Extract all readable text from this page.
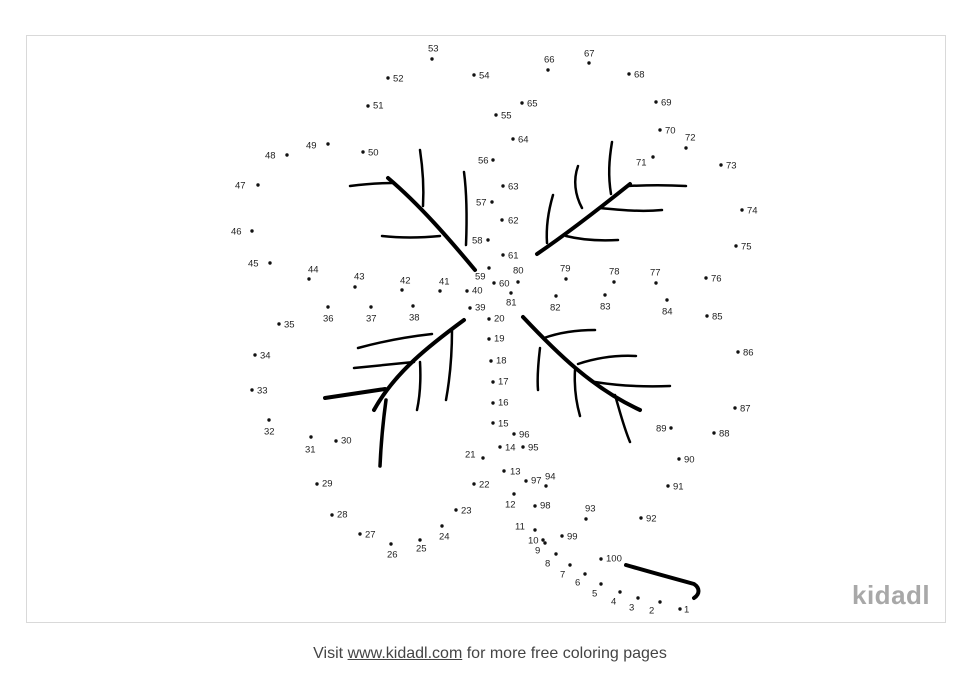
1
2
3
4
5
6
7
8
9
10
11
12
13
14
15
16
17
18
19
20
21
22
23
24
25
26
27
28
29
30
31
32
33
34
35
36	37	38
39
40
41
42
43
44
45
46
47
48
49
50
51
52
53
54
55
56
57
58
59
60
61
62
63
64
65
66
67
68
69
70
71
72
73
74
75
76
77
78
79
80
81	82	83	84	85
86
87
88
89
90
91
92
93
94
95
96
97
98
99
100
kidadl
Visit www.kidadl.com for more free coloring pages
